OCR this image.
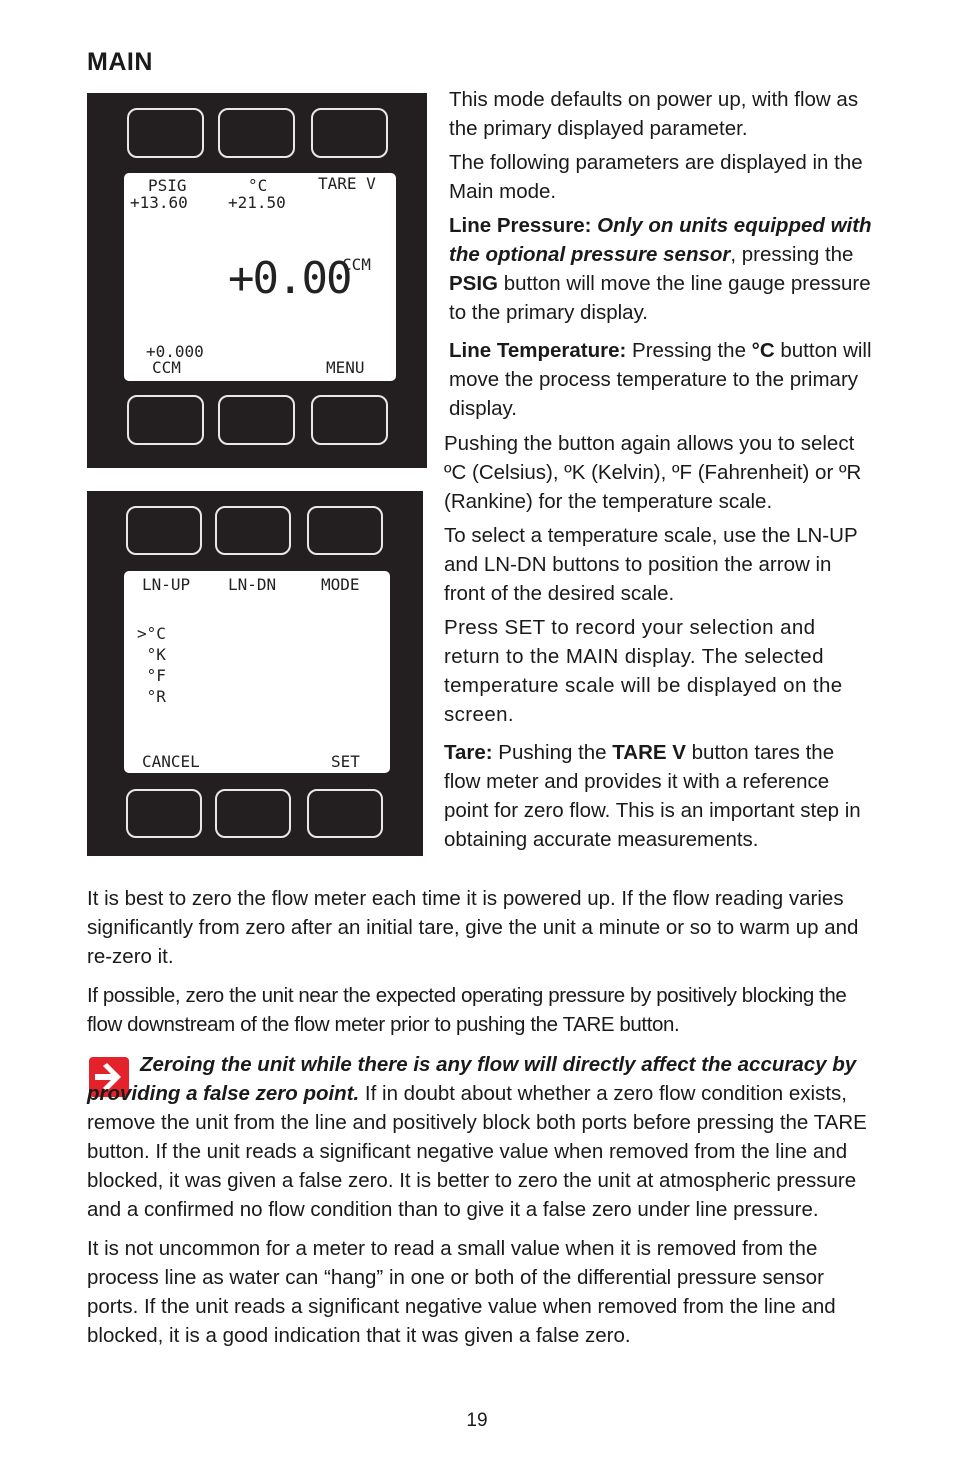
MAIN
PSIG
+13.60
°C
+21.50
TARE V
+0.00
CCM
+0.000
CCM	MENU
LN-UP LN-DN	MODE
>°C
°K
°F
°R
CANCEL	SET

This mode defaults on power up, with flow as the primary displayed parameter.

The following parameters are displayed in the Main mode.

Line Pressure: Only on units equipped with the optional pressure sensor, pressing the PSIG button will move the line gauge pressure to the primary display.

Line Temperature: Pressing the °C button will move the process temperature to the primary display.

Pushing the button again allows you to select ºC (Celsius), ºK (Kelvin), ºF (Fahrenheit) or ºR (Rankine) for the temperature scale.

To select a temperature scale, use the LN-UP and LN-DN buttons to position the arrow in front of the desired scale.

Press SET to record your selection and return to the MAIN display. The selected temperature scale will be displayed on the screen.

Tare: Pushing the TARE V button tares the flow meter and provides it with a reference point for zero flow. This is an important step in obtaining accurate measurements.

It is best to zero the flow meter each time it is powered up. If the flow reading varies significantly from zero after an initial tare, give the unit a minute or so to warm up and re-zero it.

If possible, zero the unit near the expected operating pressure by positively blocking the flow downstream of the flow meter prior to pushing the TARE button.

Zeroing the unit while there is any flow will directly affect the accuracy by providing a false zero point. If in doubt about whether a zero flow condition exists, remove the unit from the line and positively block both ports before pressing the TARE button. If the unit reads a significant negative value when removed from the line and blocked, it was given a false zero. It is better to zero the unit at atmospheric pressure and a confirmed no flow condition than to give it a false zero under line pressure.

It is not uncommon for a meter to read a small value when it is removed from the process line as water can “hang” in one or both of the differential pressure sensor ports. If the unit reads a significant negative value when removed from the line and blocked, it is a good indication that it was given a false zero.

19
